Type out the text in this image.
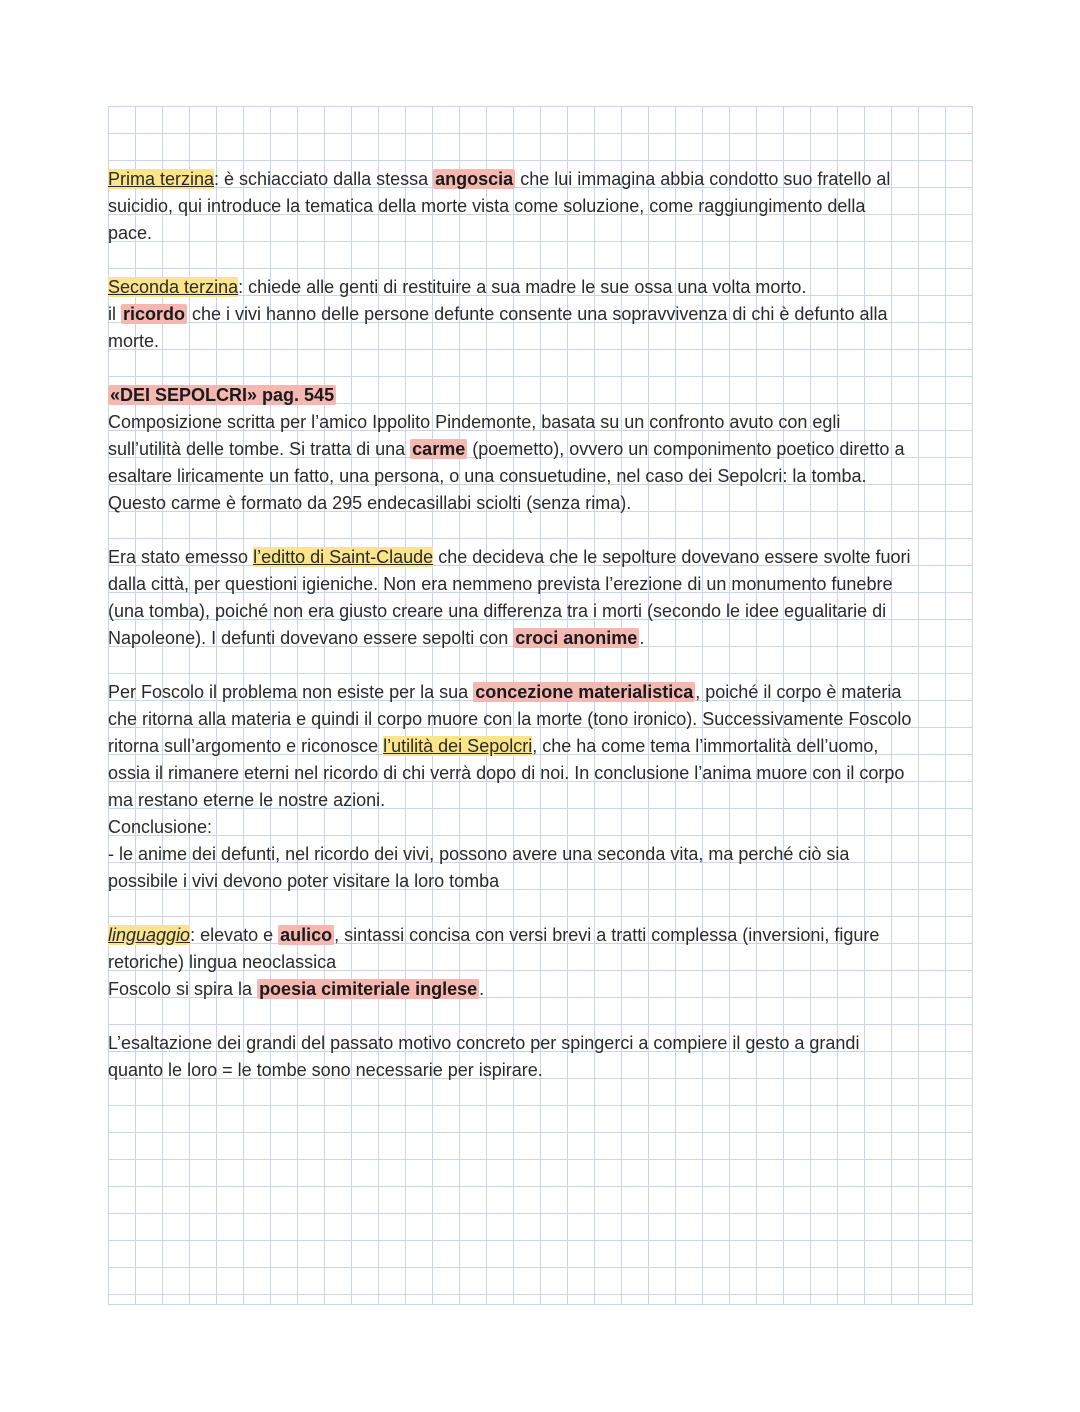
Prima terzina: è schiacciato dalla stessa angoscia che lui immagina abbia condotto suo fratello al
suicidio, qui introduce la tematica della morte vista come soluzione, come raggiungimento della
pace.
Seconda terzina: chiede alle genti di restituire a sua madre le sue ossa una volta morto.
il ricordo che i vivi hanno delle persone defunte consente una sopravvivenza di chi è defunto alla
morte.
«DEI SEPOLCRI» pag. 545
Composizione scritta per l’amico Ippolito Pindemonte, basata su un confronto avuto con egli
sull’utilità delle tombe. Si tratta di una carme (poemetto), ovvero un componimento poetico diretto a
esaltare liricamente un fatto, una persona, o una consuetudine, nel caso dei Sepolcri: la tomba.
Questo carme è formato da 295 endecasillabi sciolti (senza rima).
Era stato emesso l’editto di Saint-Claude che decideva che le sepolture dovevano essere svolte fuori
dalla città, per questioni igieniche. Non era nemmeno prevista l’erezione di un monumento funebre
(una tomba), poiché non era giusto creare una differenza tra i morti (secondo le idee egualitarie di
Napoleone). I defunti dovevano essere sepolti con croci anonime .
Per Foscolo il problema non esiste per la sua concezione materialistica , poiché il corpo è materia
che ritorna alla materia e quindi il corpo muore con la morte (tono ironico). Successivamente Foscolo
ritorna sull’argomento e riconosce l’utilità dei Sepolcri, che ha come tema l’immortalità dell’uomo,
ossia il rimanere eterni nel ricordo di chi verrà dopo di noi. In conclusione l’anima muore con il corpo
ma restano eterne le nostre azioni.
Conclusione:
- le anime dei defunti, nel ricordo dei vivi, possono avere una seconda vita, ma perché ciò sia
possibile i vivi devono poter visitare la loro tomba
linguaggio: elevato e aulico , sintassi concisa con versi brevi a tratti complessa (inversioni, figure
retoriche) lingua neoclassica
Foscolo si spira la poesia cimiteriale inglese .
L’esaltazione dei grandi del passato motivo concreto per spingerci a compiere il gesto a grandi
quanto le loro = le tombe sono necessarie per ispirare.
